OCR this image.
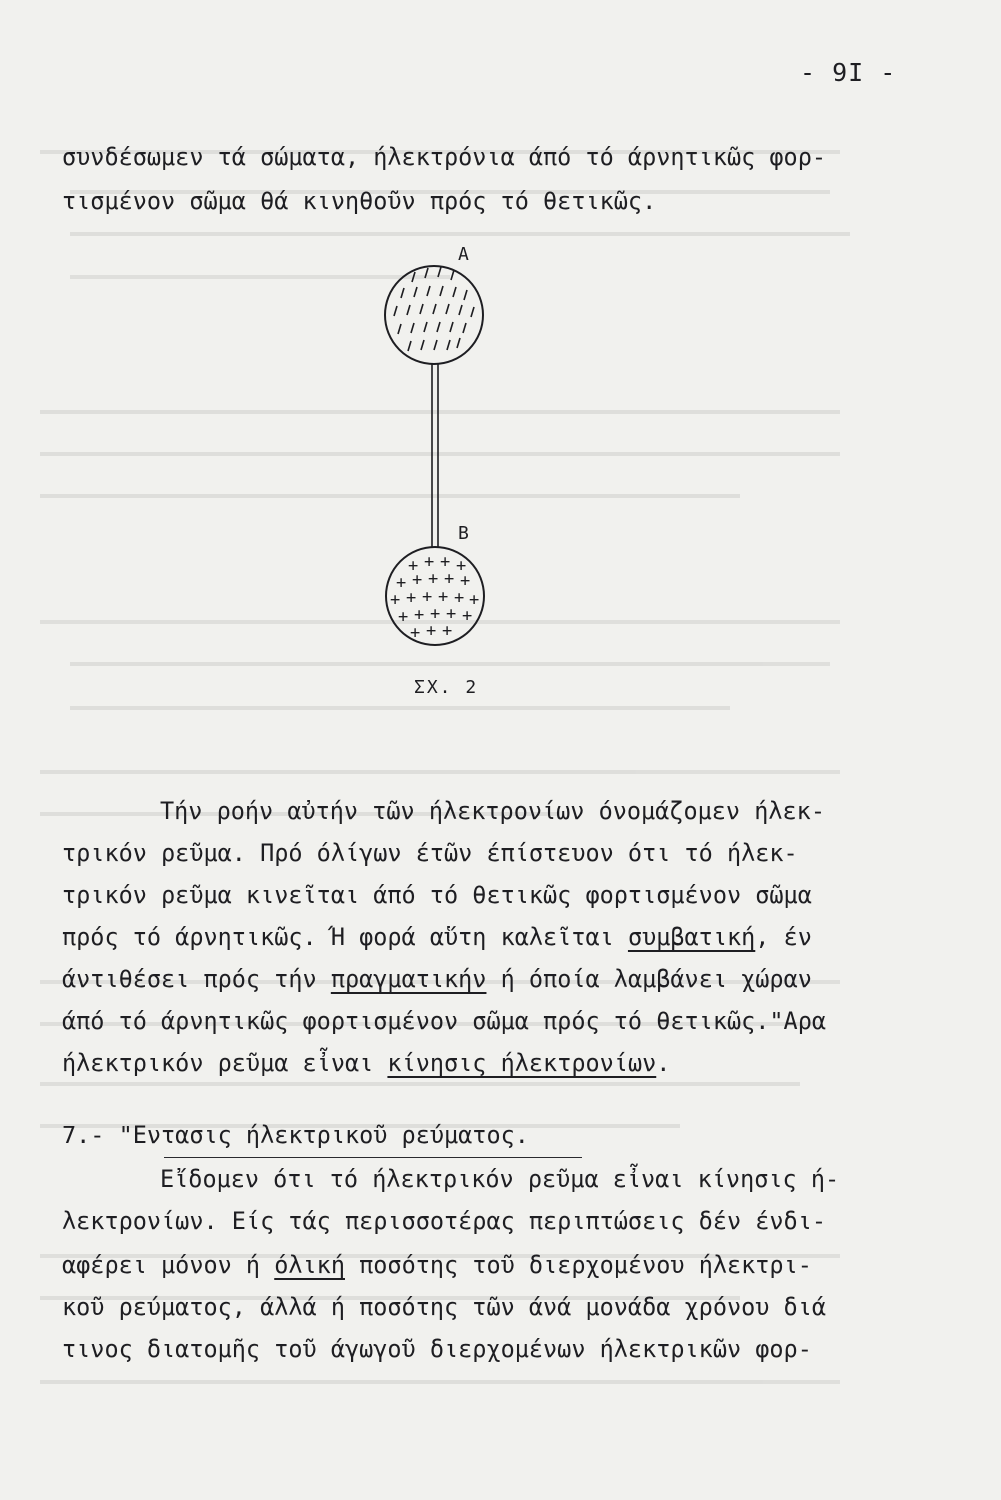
- 9I -
συνδέσωμεν τά σώματα, ήλεκτρόνια άπό τό άρνητικῶς φορ-
τισμένον σῶμα θά κινηθοῦν πρός τό θετικῶς.
A
B
+ + + +
+ + + + +
+ + + + + +
+ + + + +
+ + +
ΣΧ. 2
Τήν ροήν αὐτήν τῶν ήλεκτρονίων όνομάζομεν ήλεκ-
τρικόν ρεῦμα. Πρό όλίγων έτῶν έπίστευον ότι τό ήλεκ-
τρικόν ρεῦμα κινεῖται άπό τό θετικῶς φορτισμένον σῶμα
πρός τό άρνητικῶς. Ή φορά αὕτη καλεῖται συμβατική, έν
άντιθέσει πρός τήν πραγματικήν ή όποία λαμβάνει χώραν
άπό τό άρνητικῶς φορτισμένον σῶμα πρός τό θετικῶς."Αρα
ήλεκτρικόν ρεῦμα εἶναι κίνησις ήλεκτρονίων.
7.- "Εντασις ήλεκτρικοῦ ρεύματος.
Εἴδομεν ότι τό ήλεκτρικόν ρεῦμα εἶναι κίνησις ή-
λεκτρονίων. Είς τάς περισσοτέρας περιπτώσεις δέν ένδι-
αφέρει μόνον ή όλική ποσότης τοῦ διερχομένου ήλεκτρι-
κοῦ ρεύματος, άλλά ή ποσότης τῶν άνά μονάδα χρόνου διά
τινος διατομῆς τοῦ άγωγοῦ διερχομένων ήλεκτρικῶν φορ-
